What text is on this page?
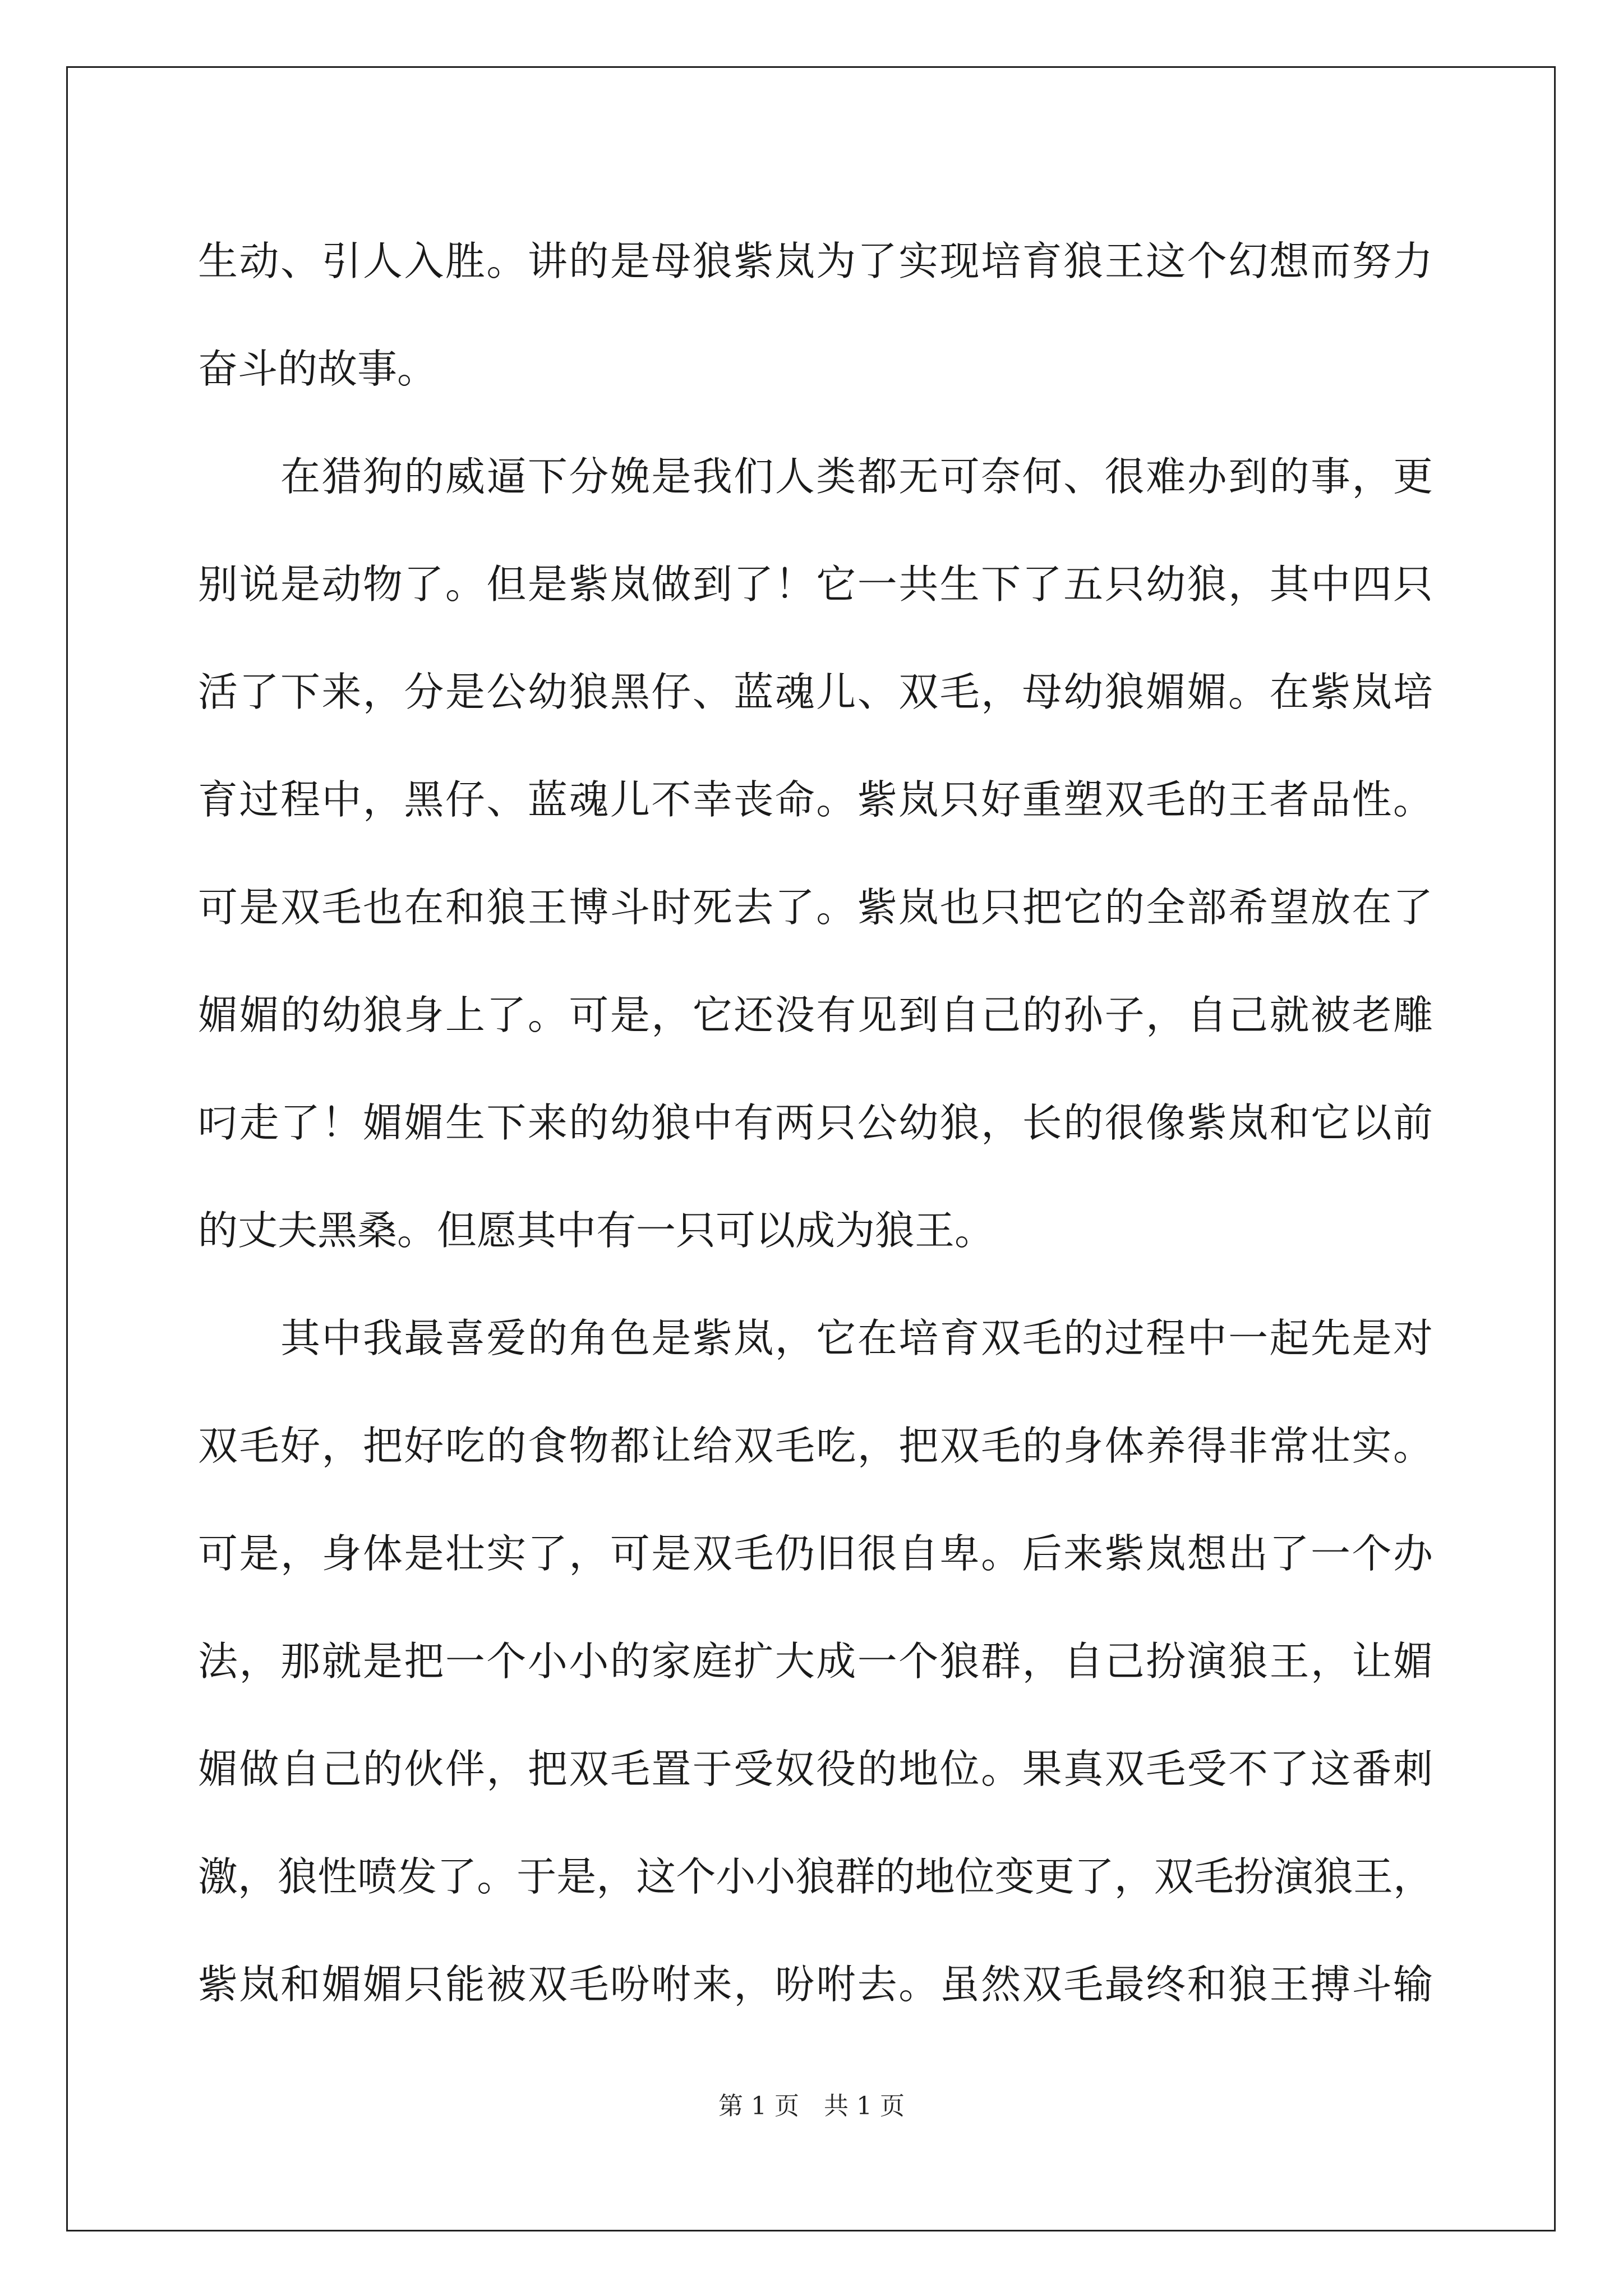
生动、引人入胜。讲的是母狼紫岚为了实现培育狼王这个幻想而努力
奋斗的故事。
在猎狗的威逼下分娩是我们人类都无可奈何、很难办到的事，更
别说是动物了。但是紫岚做到了！它一共生下了五只幼狼，其中四只
活了下来，分是公幼狼黑仔、蓝魂儿、双毛，母幼狼媚媚。在紫岚培
育过程中，黑仔、蓝魂儿不幸丧命。紫岚只好重塑双毛的王者品性。
可是双毛也在和狼王博斗时死去了。紫岚也只把它的全部希望放在了
媚媚的幼狼身上了。可是，它还没有见到自己的孙子，自己就被老雕
叼走了！媚媚生下来的幼狼中有两只公幼狼，长的很像紫岚和它以前
的丈夫黑桑。但愿其中有一只可以成为狼王。
其中我最喜爱的角色是紫岚，它在培育双毛的过程中一起先是对
双毛好，把好吃的食物都让给双毛吃，把双毛的身体养得非常壮实。
可是，身体是壮实了，可是双毛仍旧很自卑。后来紫岚想出了一个办
法，那就是把一个小小的家庭扩大成一个狼群，自己扮演狼王，让媚
媚做自己的伙伴，把双毛置于受奴役的地位。果真双毛受不了这番刺
激，狼性喷发了。于是，这个小小狼群的地位变更了，双毛扮演狼王，
紫岚和媚媚只能被双毛吩咐来，吩咐去。虽然双毛最终和狼王搏斗输
第 1 页　共 1 页
